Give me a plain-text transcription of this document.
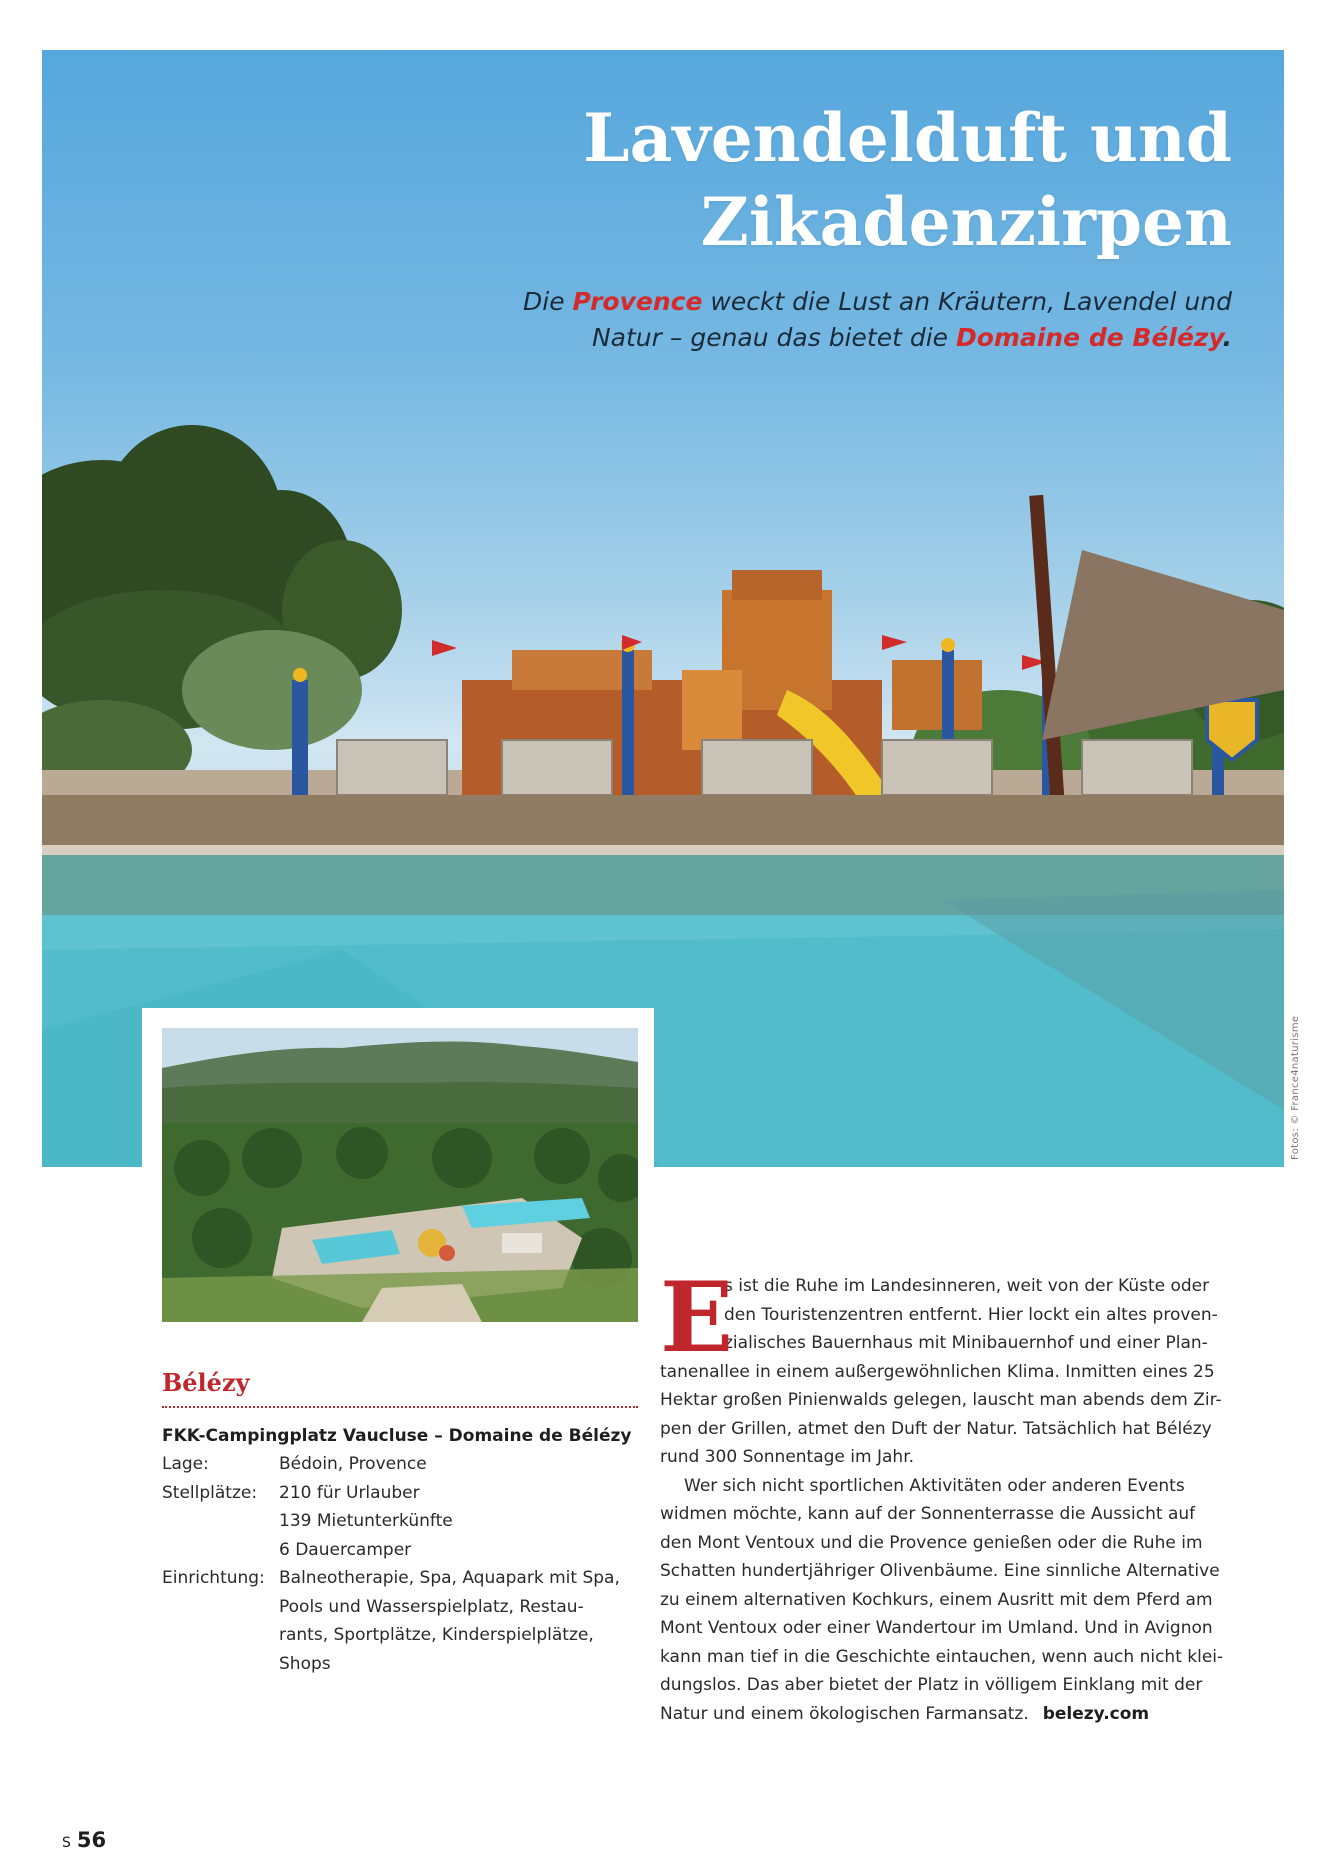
Lavendelduft und
Zikadenzirpen
Die Provence weckt die Lust an Kräutern, Lavendel und
Natur – genau das bietet die Domaine de Bélézy.
Fotos: © France4naturisme
Bélézy
FKK-Campingplatz Vaucluse – Domaine de Bélézy
Lage:	Bédoin, Provence
Stellplätze:	210 für Urlauber
139 Mietunterkünfte
6 Dauercamper
Einrichtung: Balneotherapie, Spa, Aquapark mit Spa,
Pools und Wasserspielplatz, Restau-
rants, Sportplätze, Kinderspielplätze,
Shops
E
s ist die Ruhe im Landesinneren, weit von der Küste oder
den Touristenzentren entfernt. Hier lockt ein altes proven-
zialisches Bauernhaus mit Minibauernhof und einer Plan-
tanenallee in einem außergewöhnlichen Klima. Inmitten eines 25
Hektar großen Pinienwalds gelegen, lauscht man abends dem Zir-
pen der Grillen, atmet den Duft der Natur. Tatsächlich hat Bélézy
rund 300 Sonnentage im Jahr.
Wer sich nicht sportlichen Aktivitäten oder anderen Events
widmen möchte, kann auf der Sonnenterrasse die Aussicht auf
den Mont Ventoux und die Provence genießen oder die Ruhe im
Schatten hundertjähriger Olivenbäume. Eine sinnliche Alternative
zu einem alternativen Kochkurs, einem Ausritt mit dem Pferd am
Mont Ventoux oder einer Wandertour im Umland. Und in Avignon
kann man tief in die Geschichte eintauchen, wenn auch nicht klei-
dungslos. Das aber bietet der Platz in völligem Einklang mit der
Natur und einem ökologischen Farmansatz. belezy.com
S 56
